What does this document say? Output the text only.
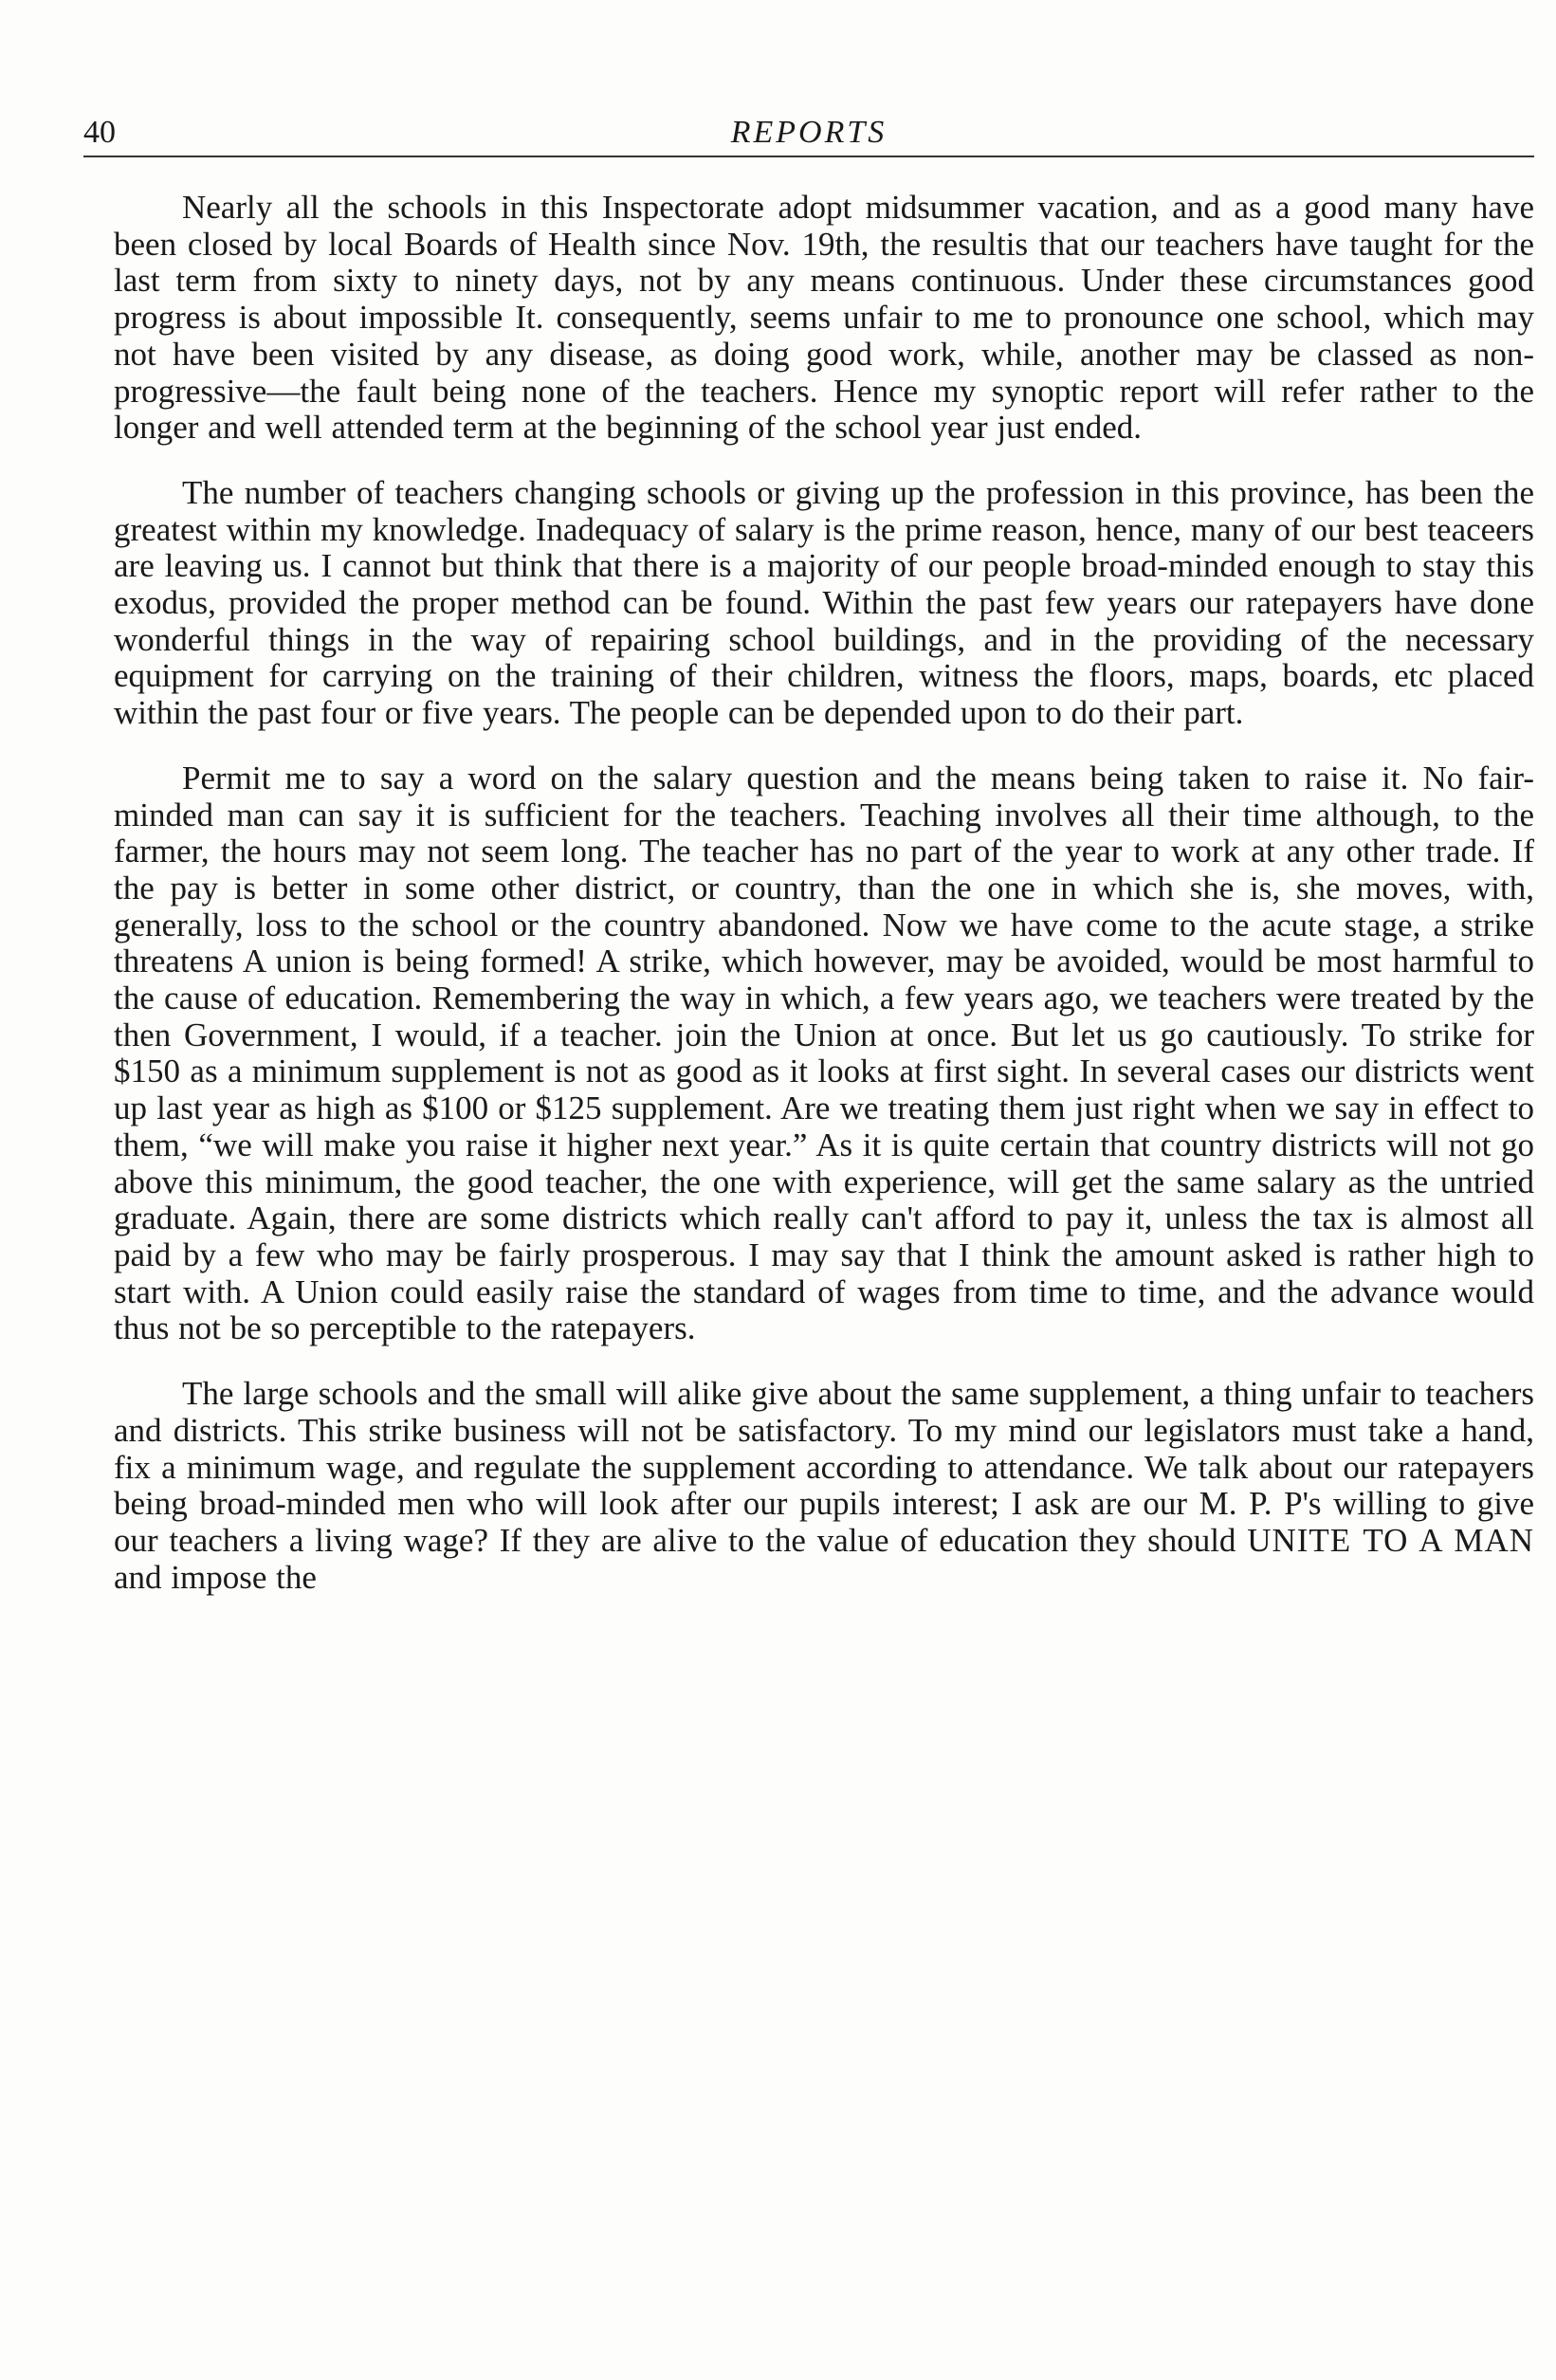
40	REPORTS

Nearly all the schools in this Inspectorate adopt midsummer vacation, and as a good many have been closed by local Boards of Health since Nov. 19th, the resultis that our teachers have taught for the last term from sixty to ninety days, not by any means continuous. Under these circumstances good progress is about impossible It. consequently, seems unfair to me to pronounce one school, which may not have been visited by any disease, as doing good work, while, another may be classed as non-progressive—the fault being none of the teachers. Hence my synoptic report will refer rather to the longer and well attended term at the beginning of the school year just ended.

The number of teachers changing schools or giving up the profession in this province, has been the greatest within my knowledge. Inadequacy of salary is the prime reason, hence, many of our best teaceers are leaving us. I cannot but think that there is a majority of our people broad-minded enough to stay this exodus, provided the proper method can be found. Within the past few years our ratepayers have done wonderful things in the way of repairing school buildings, and in the providing of the necessary equipment for carrying on the training of their children, witness the floors, maps, boards, etc placed within the past four or five years. The people can be depended upon to do their part.

Permit me to say a word on the salary question and the means being taken to raise it. No fair-minded man can say it is sufficient for the teachers. Teaching involves all their time although, to the farmer, the hours may not seem long. The teacher has no part of the year to work at any other trade. If the pay is better in some other district, or country, than the one in which she is, she moves, with, generally, loss to the school or the country abandoned. Now we have come to the acute stage, a strike threatens A union is being formed! A strike, which however, may be avoided, would be most harmful to the cause of education. Remembering the way in which, a few years ago, we teachers were treated by the then Government, I would, if a teacher. join the Union at once. But let us go cautiously. To strike for $150 as a minimum supplement is not as good as it looks at first sight. In several cases our districts went up last year as high as $100 or $125 supplement. Are we treating them just right when we say in effect to them, “we will make you raise it higher next year.” As it is quite certain that country districts will not go above this minimum, the good teacher, the one with experience, will get the same salary as the untried graduate. Again, there are some districts which really can't afford to pay it, unless the tax is almost all paid by a few who may be fairly prosperous. I may say that I think the amount asked is rather high to start with. A Union could easily raise the standard of wages from time to time, and the advance would thus not be so perceptible to the ratepayers.

The large schools and the small will alike give about the same supplement, a thing unfair to teachers and districts. This strike business will not be satisfactory. To my mind our legislators must take a hand, fix a minimum wage, and regulate the supplement according to attendance. We talk about our ratepayers being broad-minded men who will look after our pupils interest; I ask are our M. P. P's willing to give our teachers a living wage? If they are alive to the value of education they should UNITE TO A MAN and impose the
